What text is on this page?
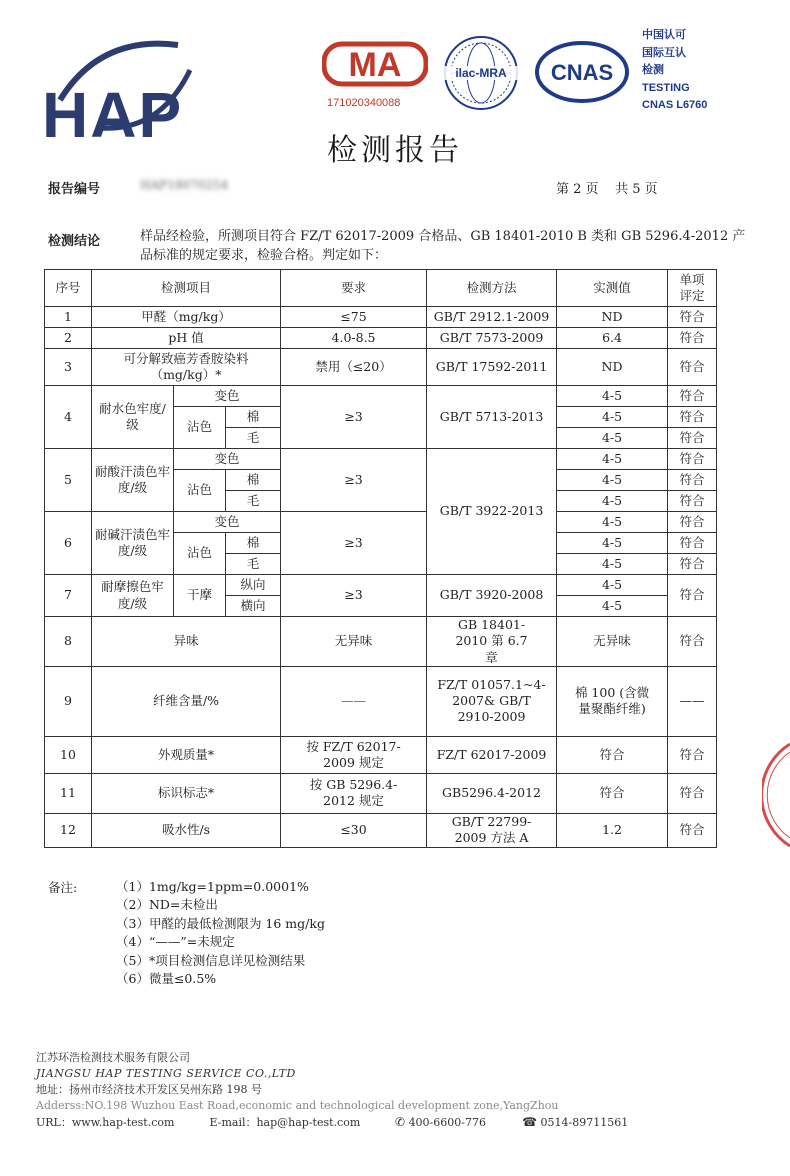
HAP
MA
171020340088
ilac-MRA	CNAS
中国认可
国际互认
检测
TESTING
CNAS L6760
检测报告
报告编号	HAP18070254	第 2 页    共 5 页
检测结论	样品经检验，所测项目符合 FZ/T 62017-2009 合格品、GB 18401-2010 B 类和 GB 5296.4-2012 产品标准的规定要求，检验合格。判定如下：
序号	检测项目			要求	检测方法	实测值	单项
评定
1	甲醛（mg/kg）			≤75	GB/T 2912.1-2009	ND	符合
2	pH 值			4.0-8.5	GB/T 7573-2009	6.4	符合
3	可分解致癌芳香胺染料（mg/kg）*			禁用（≤20）	GB/T 17592-2011	ND	符合
4	耐水色牢度/级	变色		≥3	GB/T 5713-2013	4-5	符合
		沾色	棉			4-5	符合
			毛			4-5	符合
5	耐酸汗渍色牢度/级	变色		≥3	GB/T 3922-2013	4-5	符合
		沾色	棉			4-5	符合
			毛			4-5	符合
6	耐碱汗渍色牢度/级	变色		≥3		4-5	符合
		沾色	棉			4-5	符合
			毛			4-5	符合
7	耐摩擦色牢度/级	干摩	纵向	≥3	GB/T 3920-2008	4-5	符合
			横向			4-5	
8	异味			无异味	GB 18401-2010 第 6.7 章	无异味	符合
9	纤维含量/%			——	FZ/T 01057.1~4-2007& GB/T 2910-2009	棉 100 (含微量聚酯纤维)	——
10	外观质量*			按 FZ/T 62017-2009 规定	FZ/T 62017-2009	符合	符合
11	标识标志*			按 GB 5296.4-2012 规定	GB5296.4-2012	符合	符合
12	吸水性/s			≤30	GB/T 22799-2009 方法 A	1.2	符合
备注:	（1）1mg/kg=1ppm=0.0001%
（2）ND=未检出
（3）甲醛的最低检测限为 16 mg/kg
（4）“——”=未规定
（5）*项目检测信息详见检测结果
（6）微量≤0.5%
江苏环浩检测技术服务有限公司
JIANGSU HAP TESTING SERVICE CO.,LTD
地址：扬州市经济技术开发区吴州东路 198 号
Adderss:NO.198 Wuzhou East Road,economic and technological development zone,YangZhou
URL：www.hap-test.com	E-mail：hap@hap-test.com	✆ 400-6600-776	☎ 0514-89711561
